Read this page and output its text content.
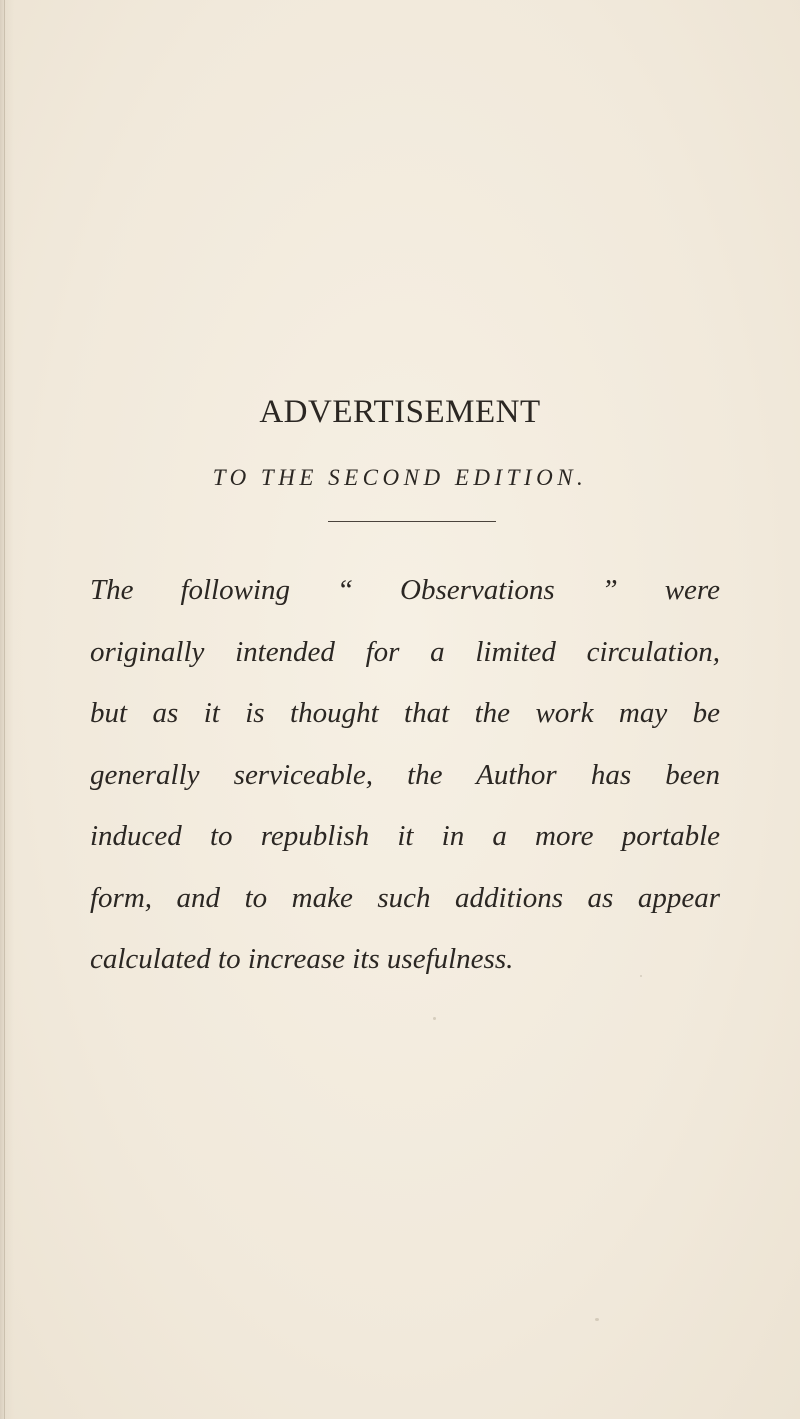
ADVERTISEMENT
TO THE SECOND EDITION.

The following “ Observations ” were
originally intended for a limited circulation,
but as it is thought that the work may be
generally serviceable, the Author has been
induced to republish it in a more portable
form, and to make such additions as appear
calculated to increase its usefulness.
